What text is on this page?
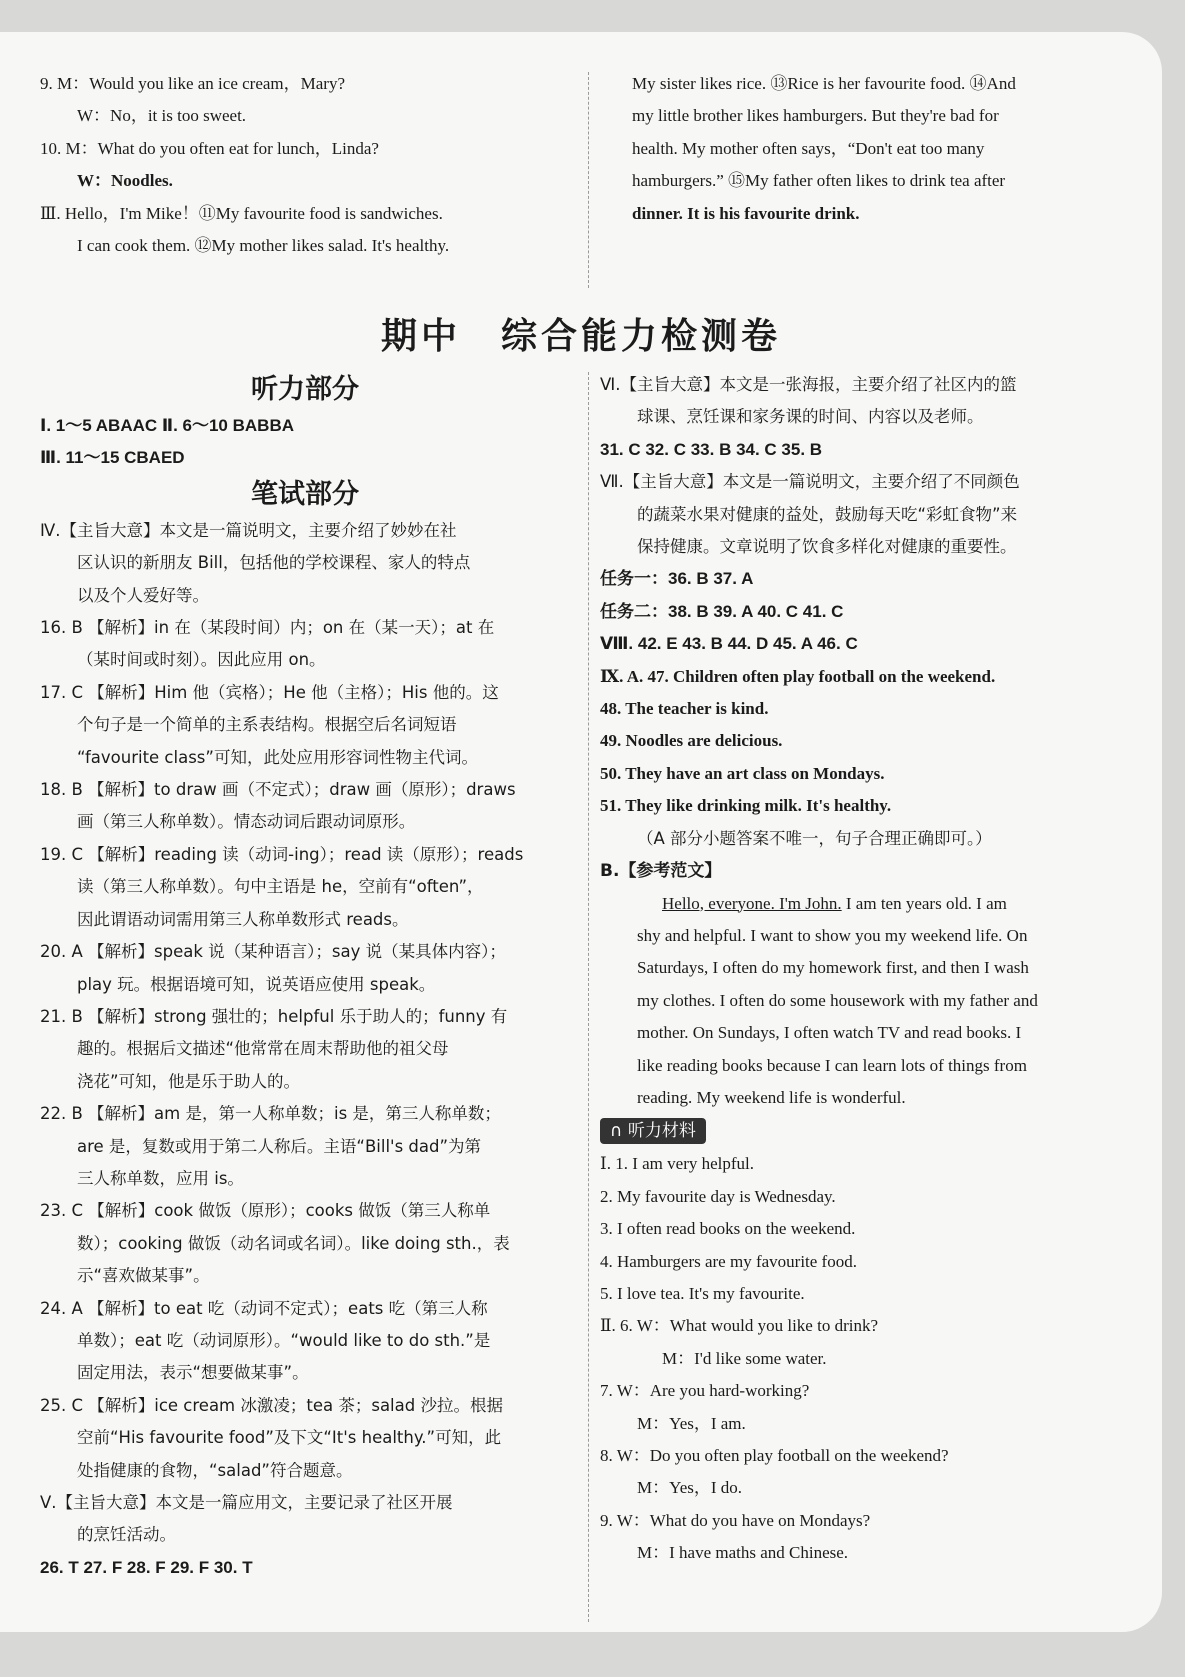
9. M：Would you like an ice cream，Mary?

W：No，it is too sweet.

10. M：What do you often eat for lunch，Linda?

W：Noodles.

Ⅲ. Hello，I'm Mike！⑪My favourite food is sandwiches.

I can cook them. ⑫My mother likes salad. It's healthy.

My sister likes rice. ⑬Rice is her favourite food. ⑭And

my little brother likes hamburgers. But they're bad for

health. My mother often says，“Don't eat too many

hamburgers.” ⑮My father often likes to drink tea after

dinner. It is his favourite drink.

期中　综合能力检测卷

听力部分

Ⅰ. 1～5 ABAAC Ⅱ. 6～10 BABBA

Ⅲ. 11～15 CBAED

笔试部分

Ⅳ.【主旨大意】本文是一篇说明文，主要介绍了妙妙在社

区认识的新朋友 Bill，包括他的学校课程、家人的特点

以及个人爱好等。

16. B 【解析】in 在（某段时间）内；on 在（某一天）；at 在

（某时间或时刻）。因此应用 on。

17. C 【解析】Him 他（宾格）；He 他（主格）；His 他的。这

个句子是一个简单的主系表结构。根据空后名词短语

“favourite class”可知，此处应用形容词性物主代词。

18. B 【解析】to draw 画（不定式）；draw 画（原形）；draws

画（第三人称单数）。情态动词后跟动词原形。

19. C 【解析】reading 读（动词-ing）；read 读（原形）；reads

读（第三人称单数）。句中主语是 he，空前有“often”，

因此谓语动词需用第三人称单数形式 reads。

20. A 【解析】speak 说（某种语言）；say 说（某具体内容）；

play 玩。根据语境可知，说英语应使用 speak。

21. B 【解析】strong 强壮的；helpful 乐于助人的；funny 有

趣的。根据后文描述“他常常在周末帮助他的祖父母

浇花”可知，他是乐于助人的。

22. B 【解析】am 是，第一人称单数；is 是，第三人称单数；

are 是，复数或用于第二人称后。主语“Bill's dad”为第

三人称单数，应用 is。

23. C 【解析】cook 做饭（原形）；cooks 做饭（第三人称单

数）；cooking 做饭（动名词或名词）。like doing sth.，表

示“喜欢做某事”。

24. A 【解析】to eat 吃（动词不定式）；eats 吃（第三人称

单数）；eat 吃（动词原形）。“would like to do sth.”是

固定用法，表示“想要做某事”。

25. C 【解析】ice cream 冰激凌；tea 茶；salad 沙拉。根据

空前“His favourite food”及下文“It's healthy.”可知，此

处指健康的食物，“salad”符合题意。

Ⅴ.【主旨大意】本文是一篇应用文，主要记录了社区开展

的烹饪活动。

26. T 27. F 28. F 29. F 30. T

Ⅵ.【主旨大意】本文是一张海报，主要介绍了社区内的篮

球课、烹饪课和家务课的时间、内容以及老师。

31. C 32. C 33. B 34. C 35. B

Ⅶ.【主旨大意】本文是一篇说明文，主要介绍了不同颜色

的蔬菜水果对健康的益处，鼓励每天吃“彩虹食物”来

保持健康。文章说明了饮食多样化对健康的重要性。

任务一：36. B 37. A

任务二：38. B 39. A 40. C 41. C

Ⅷ. 42. E 43. B 44. D 45. A 46. C

Ⅸ. A. 47. Children often play football on the weekend.

48. The teacher is kind.

49. Noodles are delicious.

50. They have an art class on Mondays.

51. They like drinking milk. It's healthy.

（A 部分小题答案不唯一，句子合理正确即可。）

B.【参考范文】

Hello, everyone. I'm John. I am ten years old. I am

shy and helpful. I want to show you my weekend life. On

Saturdays, I often do my homework first, and then I wash

my clothes. I often do some housework with my father and

mother. On Sundays, I often watch TV and read books. I

like reading books because I can learn lots of things from

reading. My weekend life is wonderful.

∩ 听力材料

Ⅰ. 1. I am very helpful.

2. My favourite day is Wednesday.

3. I often read books on the weekend.

4. Hamburgers are my favourite food.

5. I love tea. It's my favourite.

Ⅱ. 6. W：What would you like to drink?

M：I'd like some water.

7. W：Are you hard-working?

M：Yes，I am.

8. W：Do you often play football on the weekend?

M：Yes，I do.

9. W：What do you have on Mondays?

M：I have maths and Chinese.
